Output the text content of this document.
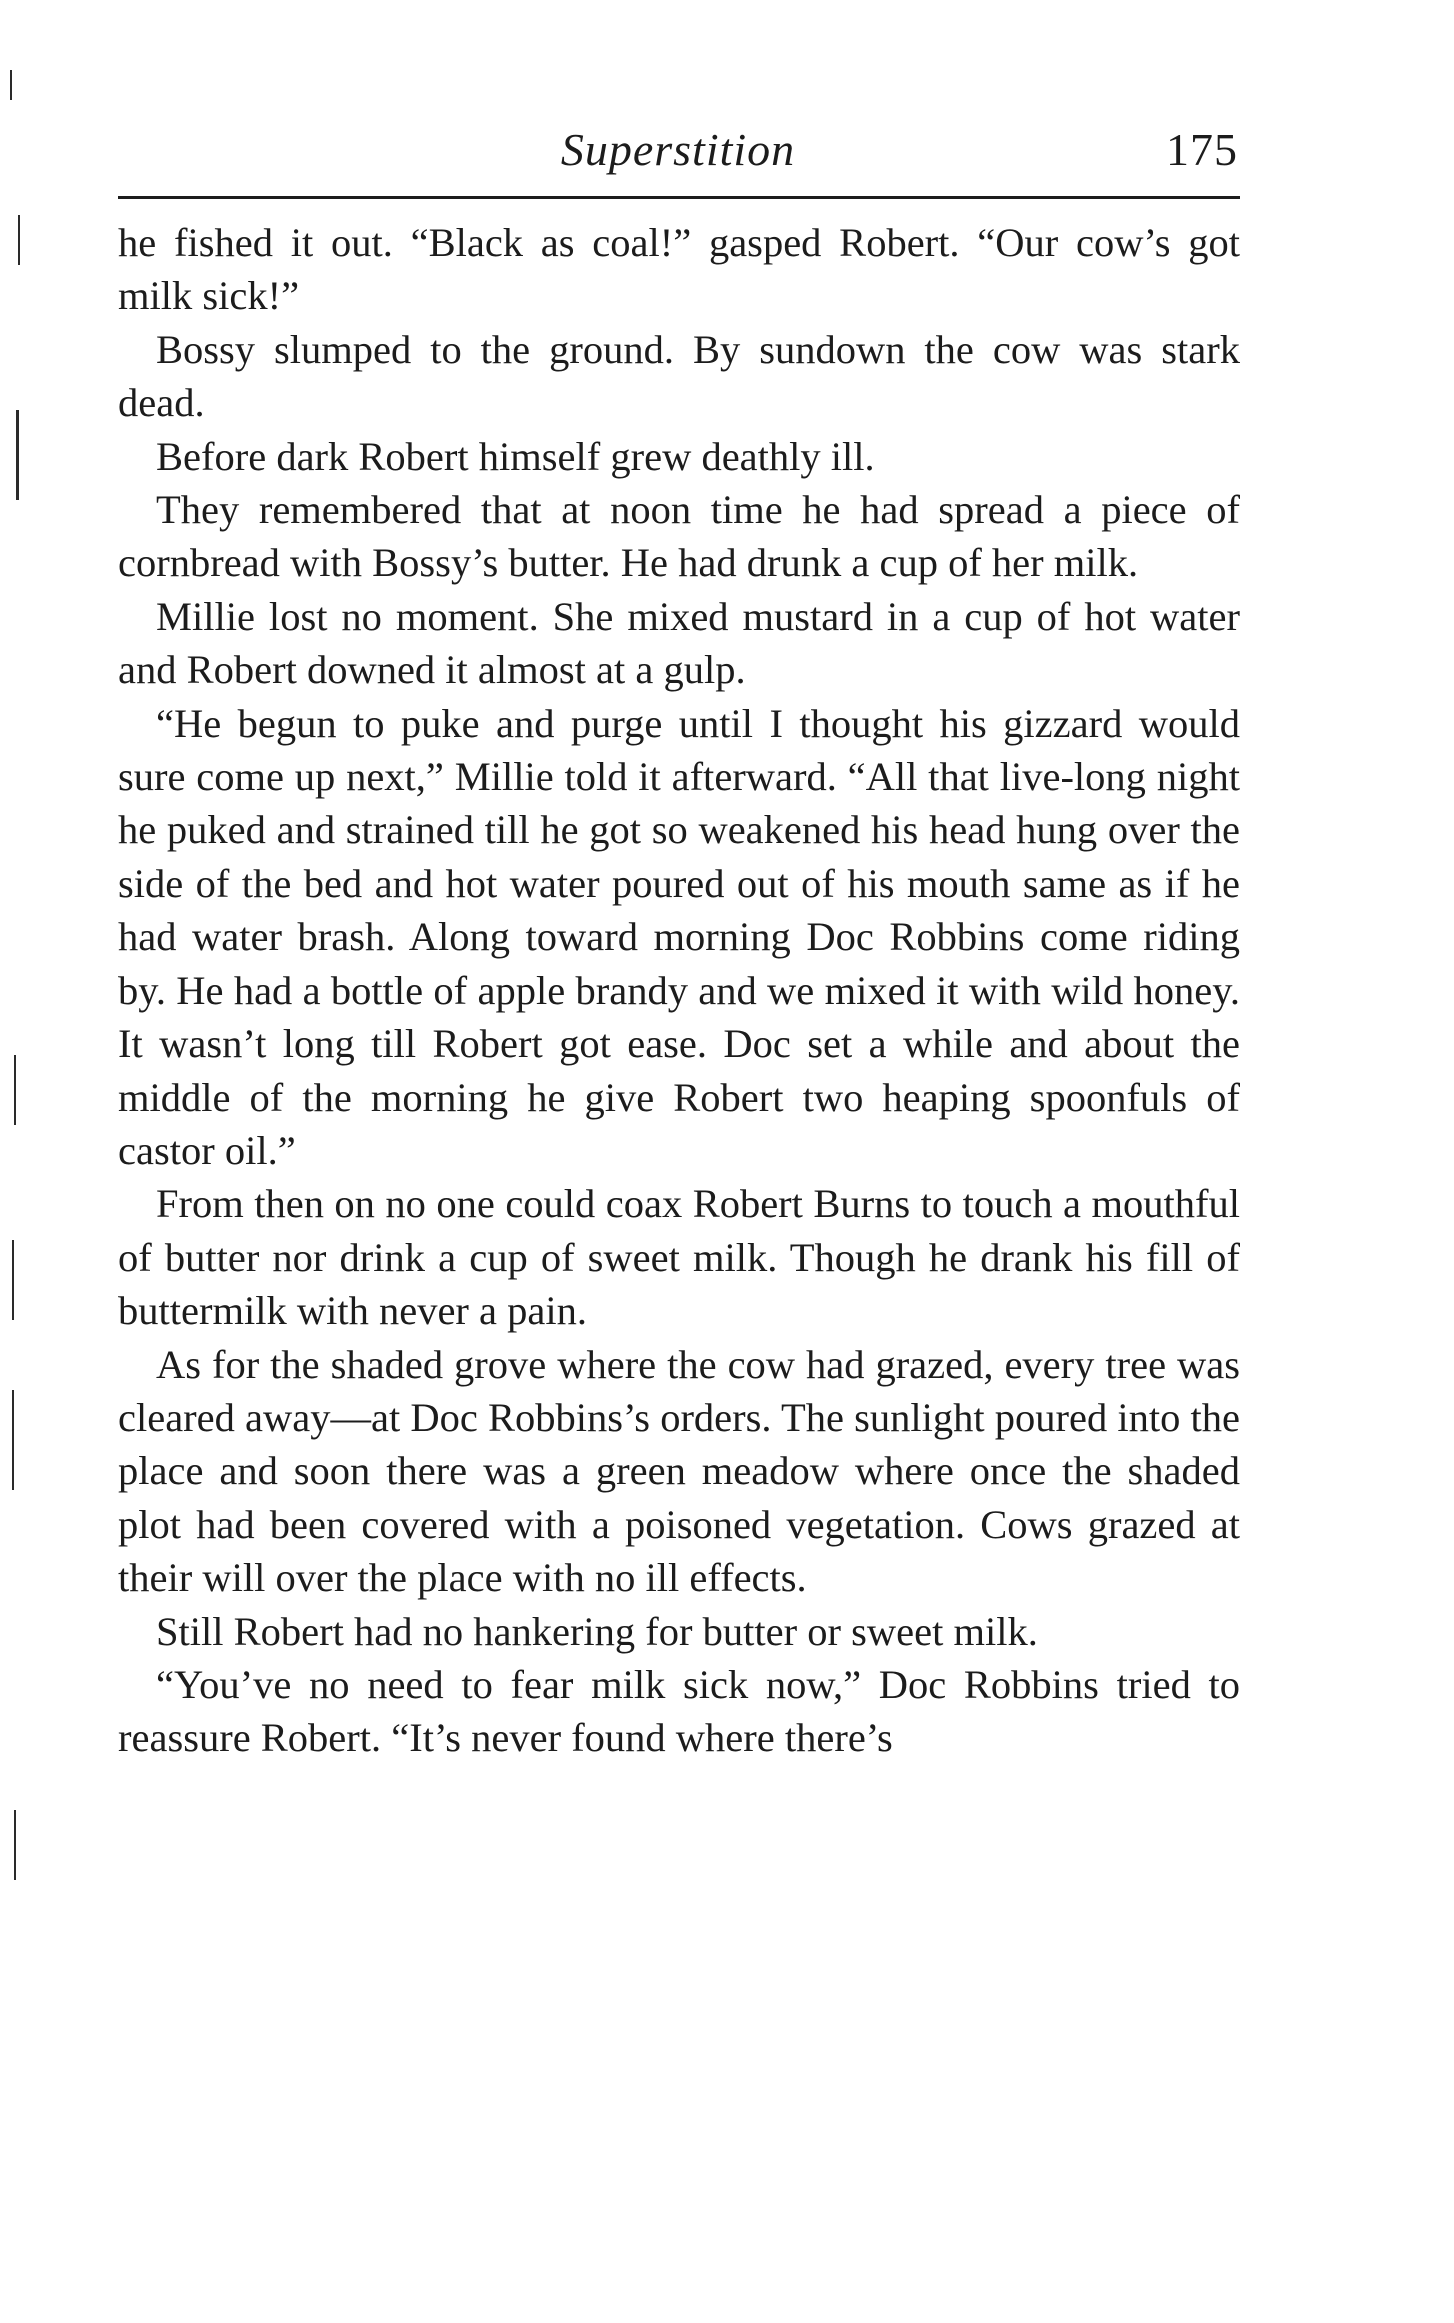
Superstition	175

he fished it out. “Black as coal!” gasped Robert. “Our cow’s got milk sick!”

Bossy slumped to the ground. By sundown the cow was stark dead.

Before dark Robert himself grew deathly ill.

They remembered that at noon time he had spread a piece of cornbread with Bossy’s butter. He had drunk a cup of her milk.

Millie lost no moment. She mixed mustard in a cup of hot water and Robert downed it almost at a gulp.

“He begun to puke and purge until I thought his gizzard would sure come up next,” Millie told it afterward. “All that live-long night he puked and strained till he got so weakened his head hung over the side of the bed and hot water poured out of his mouth same as if he had water brash. Along toward morning Doc Robbins come riding by. He had a bottle of apple brandy and we mixed it with wild honey. It wasn’t long till Robert got ease. Doc set a while and about the middle of the morning he give Robert two heaping spoonfuls of castor oil.”

From then on no one could coax Robert Burns to touch a mouthful of butter nor drink a cup of sweet milk. Though he drank his fill of buttermilk with never a pain.

As for the shaded grove where the cow had grazed, every tree was cleared away—at Doc Robbins’s orders. The sunlight poured into the place and soon there was a green meadow where once the shaded plot had been covered with a poisoned vegetation. Cows grazed at their will over the place with no ill effects.

Still Robert had no hankering for butter or sweet milk.

“You’ve no need to fear milk sick now,” Doc Robbins tried to reassure Robert. “It’s never found where there’s
